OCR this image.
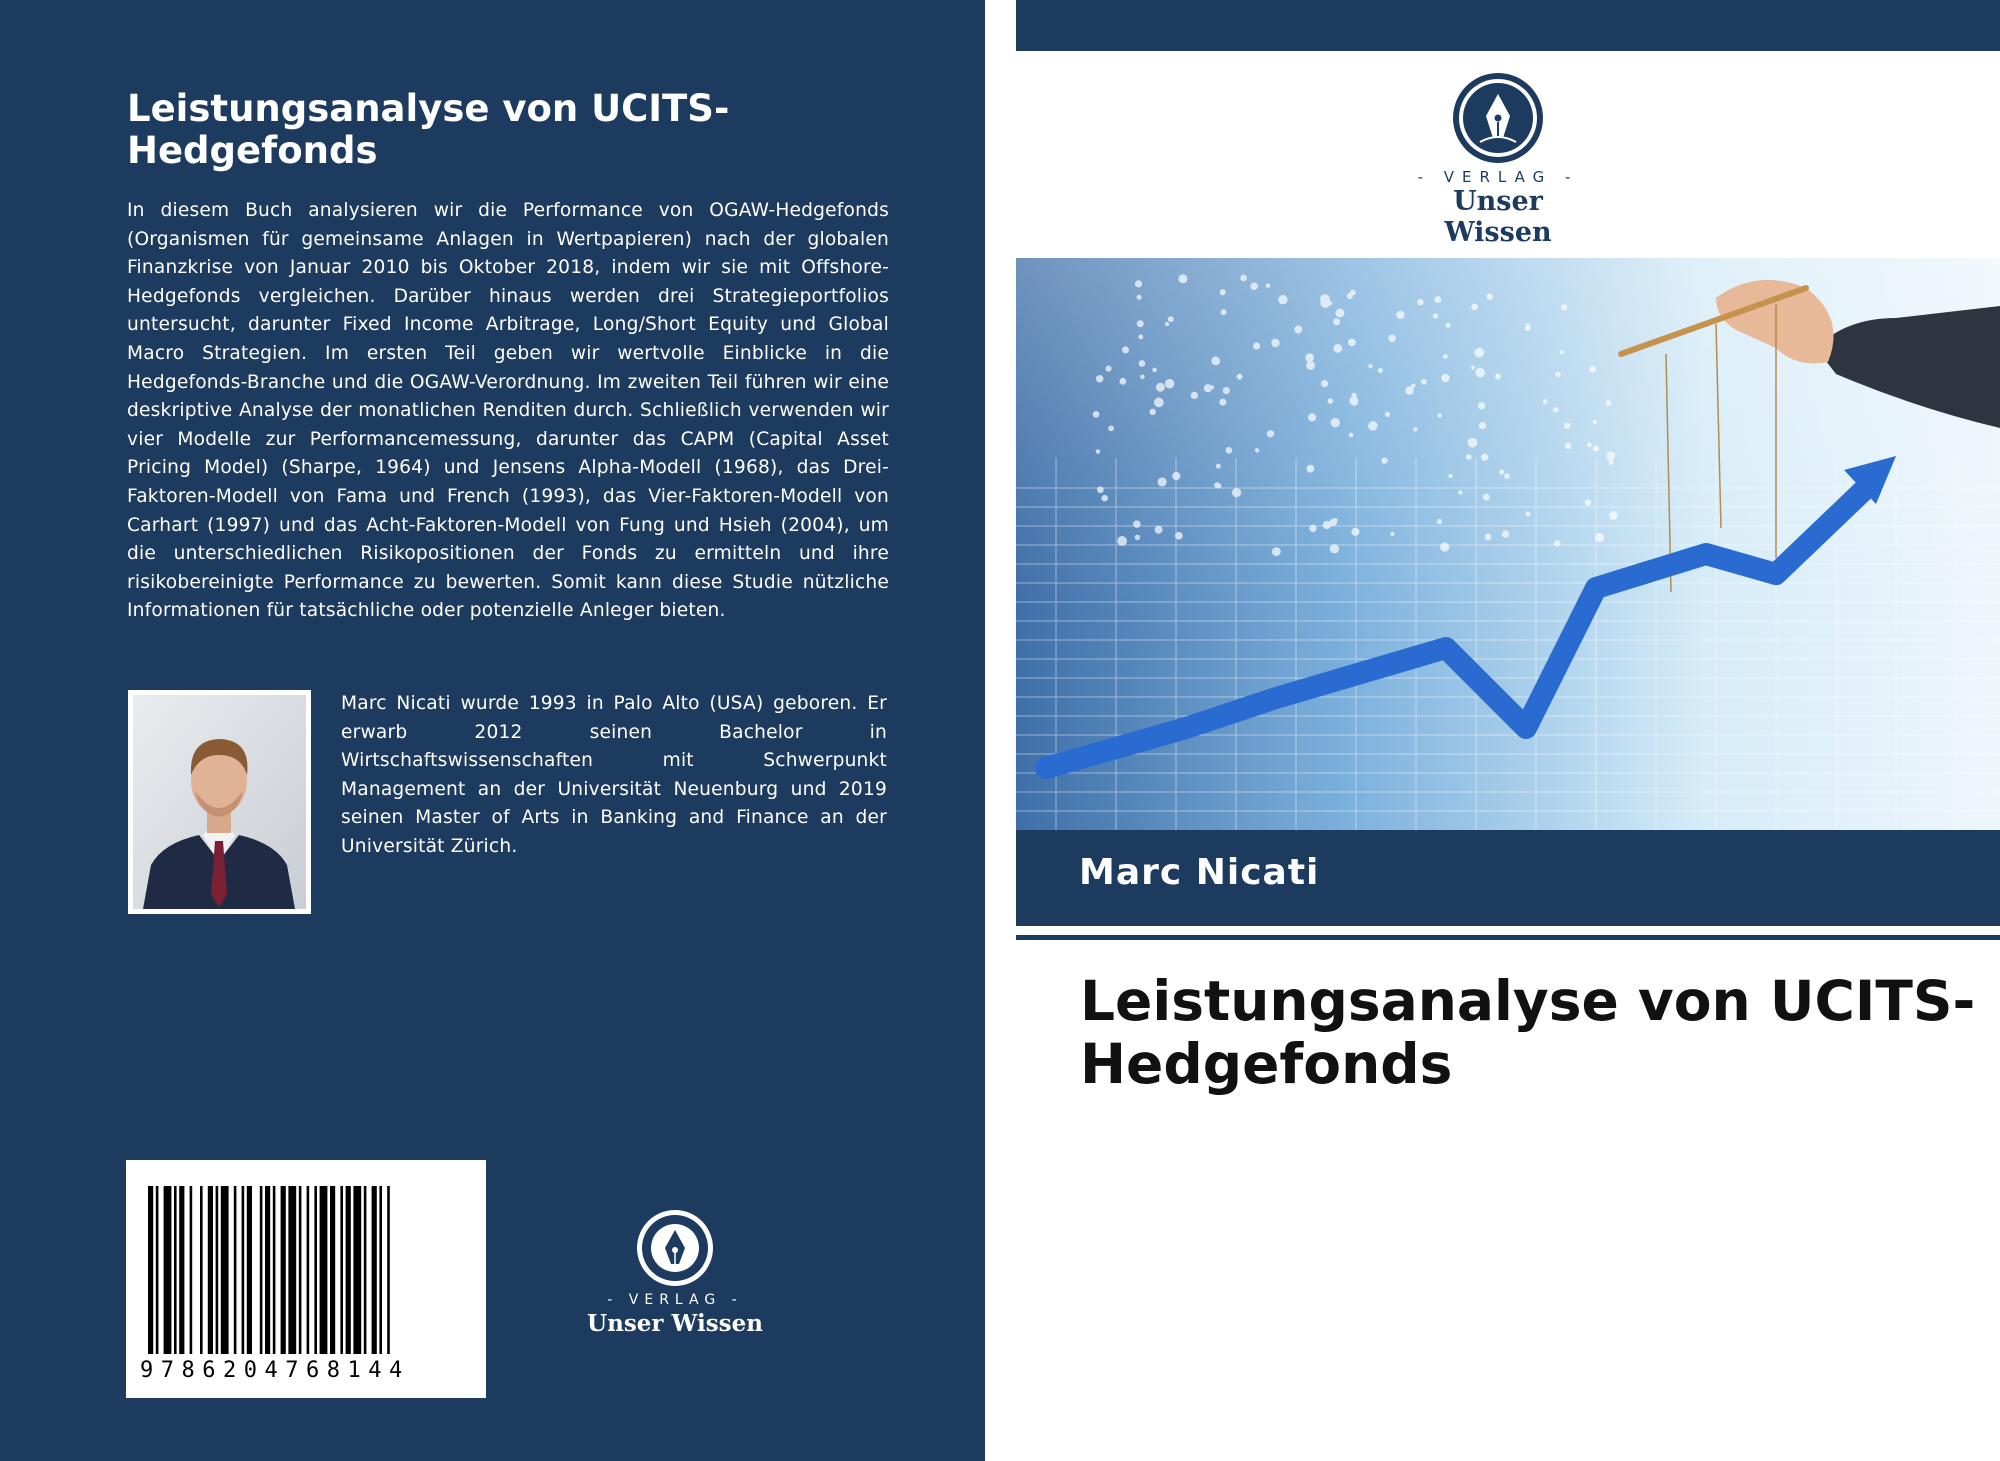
Leistungsanalyse von UCITS-Hedgefonds
In diesem Buch analysieren wir die Performance von OGAW-Hedgefonds (Organismen für gemeinsame Anlagen in Wertpapieren) nach der globalen Finanzkrise von Januar 2010 bis Oktober 2018, indem wir sie mit Offshore-Hedgefonds vergleichen. Darüber hinaus werden drei Strategieportfolios untersucht, darunter Fixed Income Arbitrage, Long/Short Equity und Global Macro Strategien. Im ersten Teil geben wir wertvolle Einblicke in die Hedgefonds-Branche und die OGAW-Verordnung. Im zweiten Teil führen wir eine deskriptive Analyse der monatlichen Renditen durch. Schließlich verwenden wir vier Modelle zur Performancemessung, darunter das CAPM (Capital Asset Pricing Model) (Sharpe, 1964) und Jensens Alpha-Modell (1968), das Drei-Faktoren-Modell von Fama und French (1993), das Vier-Faktoren-Modell von Carhart (1997) und das Acht-Faktoren-Modell von Fung und Hsieh (2004), um die unterschiedlichen Risikopositionen der Fonds zu ermitteln und ihre risikobereinigte Performance zu bewerten. Somit kann diese Studie nützliche Informationen für tatsächliche oder potenzielle Anleger bieten.
Marc Nicati wurde 1993 in Palo Alto (USA) geboren. Er erwarb 2012 seinen Bachelor in Wirtschaftswissenschaften mit Schwerpunkt Management an der Universität Neuenburg und 2019 seinen Master of Arts in Banking and Finance an der Universität Zürich.
9786204768144
- VERLAG -
Unser Wissen
- VERLAG -
Unser Wissen
Marc Nicati
Leistungsanalyse von UCITS-Hedgefonds
